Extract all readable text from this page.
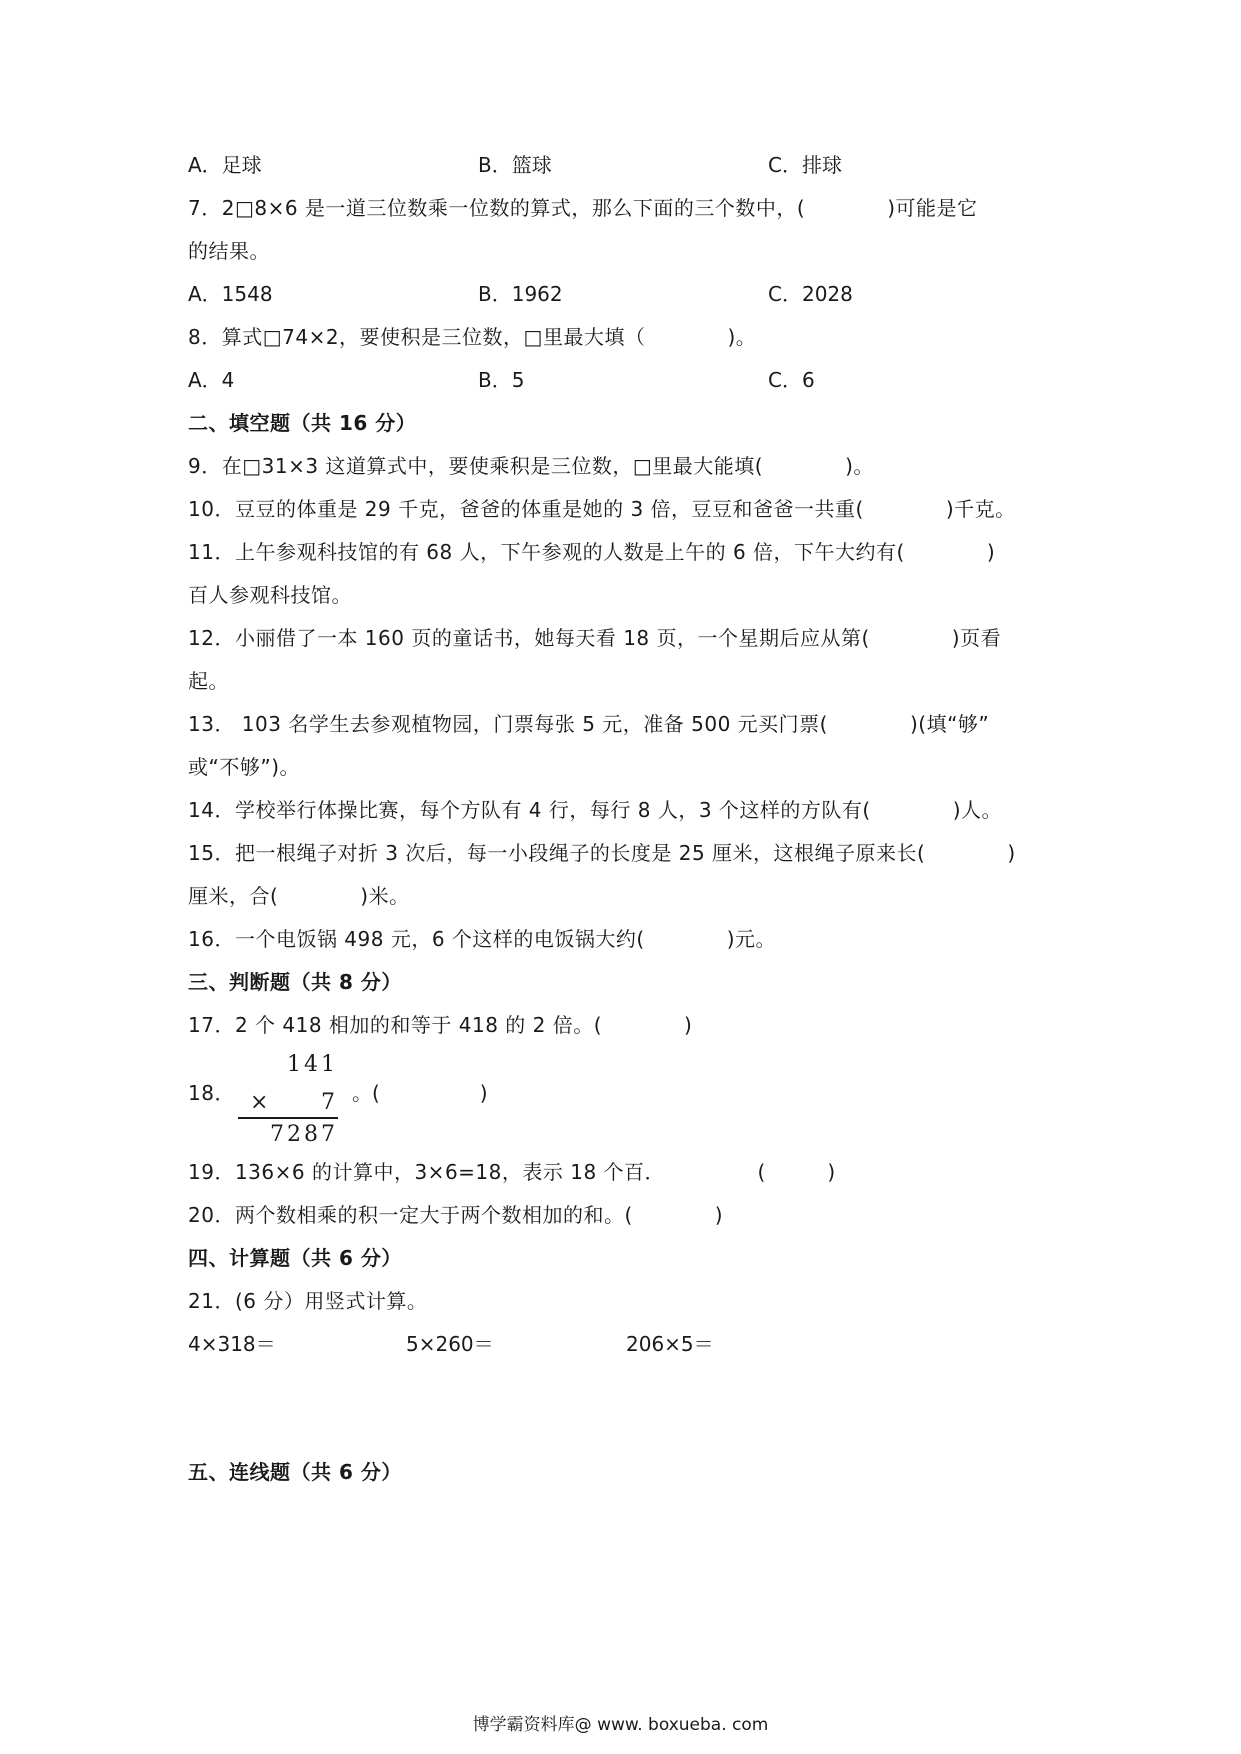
A．足球	B．篮球	C．排球
7．2□8×6 是一道三位数乘一位数的算式，那么下面的三个数中，(　　　　)可能是它
的结果。
A．1548	B．1962	C．2028
8．算式□74×2，要使积是三位数，□里最大填（　　　　)。
A．4	B．5	C．6
二、填空题（共 16 分）
9．在□31×3 这道算式中，要使乘积是三位数，□里最大能填(　　　　)。
10．豆豆的体重是 29 千克，爸爸的体重是她的 3 倍，豆豆和爸爸一共重(　　　　)千克。
11．上午参观科技馆的有 68 人，下午参观的人数是上午的 6 倍，下午大约有(　　　　)
百人参观科技馆。
12．小丽借了一本 160 页的童话书，她每天看 18 页，一个星期后应从第(　　　　)页看
起。
13． 103 名学生去参观植物园，门票每张 5 元，准备 500 元买门票(　　　　)(填“够”
或“不够”)。
14．学校举行体操比赛，每个方队有 4 行，每行 8 人，3 个这样的方队有(　　　　)人。
15．把一根绳子对折 3 次后，每一小段绳子的长度是 25 厘米，这根绳子原来长(　　　　)
厘米，合(　　　　)米。
16．一个电饭锅 498 元，6 个这样的电饭锅大约(　　　　)元。
三、判断题（共 8 分）
17．2 个 418 相加的和等于 418 的 2 倍。(　　　　)
18．
141
× 7
7287
。(　　　　　)
19．136×6 的计算中，3×6=18，表示 18 个百．　　　　　(　　　)
20．两个数相乘的积一定大于两个数相加的和。(　　　　)
四、计算题（共 6 分）
21．(6 分）用竖式计算。
4×318＝	5×260＝	206×5＝
五、连线题（共 6 分）
博学霸资料库@ www. boxueba. com
